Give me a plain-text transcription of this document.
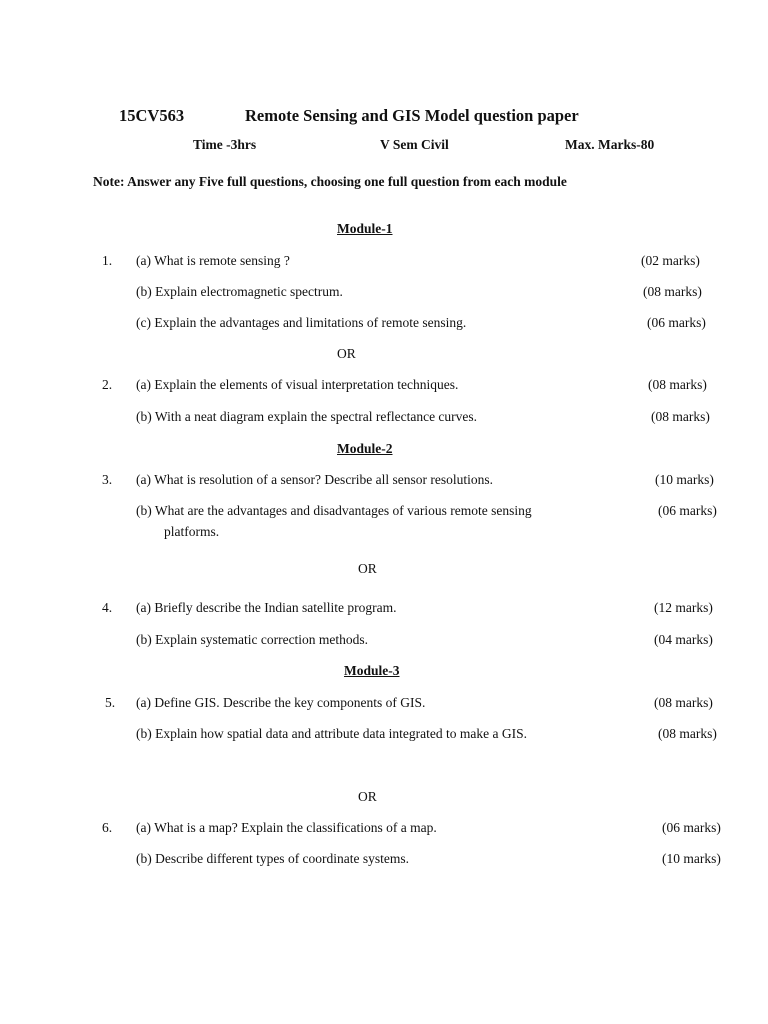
15CV563	Remote Sensing and GIS Model question paper
Time -3hrs	V Sem Civil	Max. Marks-80
Note: Answer any Five full questions, choosing one full question from each module
Module-1
1. (a) What is remote sensing ?	(02 marks)
(b) Explain electromagnetic spectrum.	(08 marks)
(c) Explain the advantages and limitations of remote sensing.	(06 marks)
OR
2. (a) Explain the elements of visual interpretation techniques.	(08 marks)
(b) With a neat diagram explain the spectral reflectance curves.	(08 marks)
Module-2
3. (a) What is resolution of a sensor? Describe all sensor resolutions.	(10 marks)
(b) What are the advantages and disadvantages of various remote sensing	(06 marks)
platforms.
OR
4. (a) Briefly describe the Indian satellite program.	(12 marks)
(b) Explain systematic correction methods.	(04 marks)
Module-3
5. (a) Define GIS. Describe the key components of GIS.	(08 marks)
(b) Explain how spatial data and attribute data integrated to make a GIS.	(08 marks)
OR
6. (a) What is a map? Explain the classifications of a map.	(06 marks)
(b) Describe different types of coordinate systems.	(10 marks)
